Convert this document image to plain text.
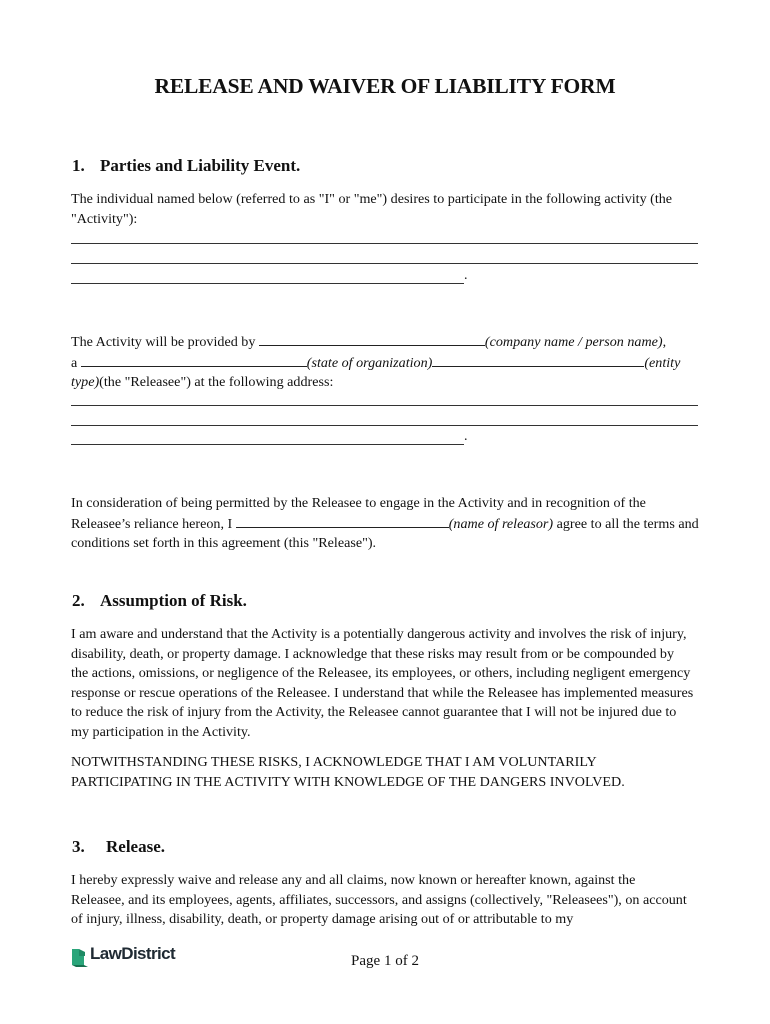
RELEASE AND WAIVER OF LIABILITY FORM
1. Parties and Liability Event.
The individual named below (referred to as "I" or "me") desires to participate in the following activity (the "Activity"):
.
The Activity will be provided by	(company name / person name),
a	(state of organization)	(entity type)(the "Releasee") at the following address:
.
In consideration of being permitted by the Releasee to engage in the Activity and in recognition of the Releasee’s reliance hereon, I	(name of releasor) agree to all the terms and conditions set forth in this agreement (this "Release").
2. Assumption of Risk.
I am aware and understand that the Activity is a potentially dangerous activity and involves the risk of injury, disability, death, or property damage. I acknowledge that these risks may result from or be compounded by the actions, omissions, or negligence of the Releasee, its employees, or others, including negligent emergency response or rescue operations of the Releasee. I understand that while the Releasee has implemented measures to reduce the risk of injury from the Activity, the Releasee cannot guarantee that I will not be injured due to my participation in the Activity.
NOTWITHSTANDING THESE RISKS, I ACKNOWLEDGE THAT I AM VOLUNTARILY PARTICIPATING IN THE ACTIVITY WITH KNOWLEDGE OF THE DANGERS INVOLVED.
3. Release.
I hereby expressly waive and release any and all claims, now known or hereafter known, against the Releasee, and its employees, agents, affiliates, successors, and assigns (collectively, "Releasees"), on account of injury, illness, disability, death, or property damage arising out of or attributable to my
LawDistrict	Page 1 of 2
